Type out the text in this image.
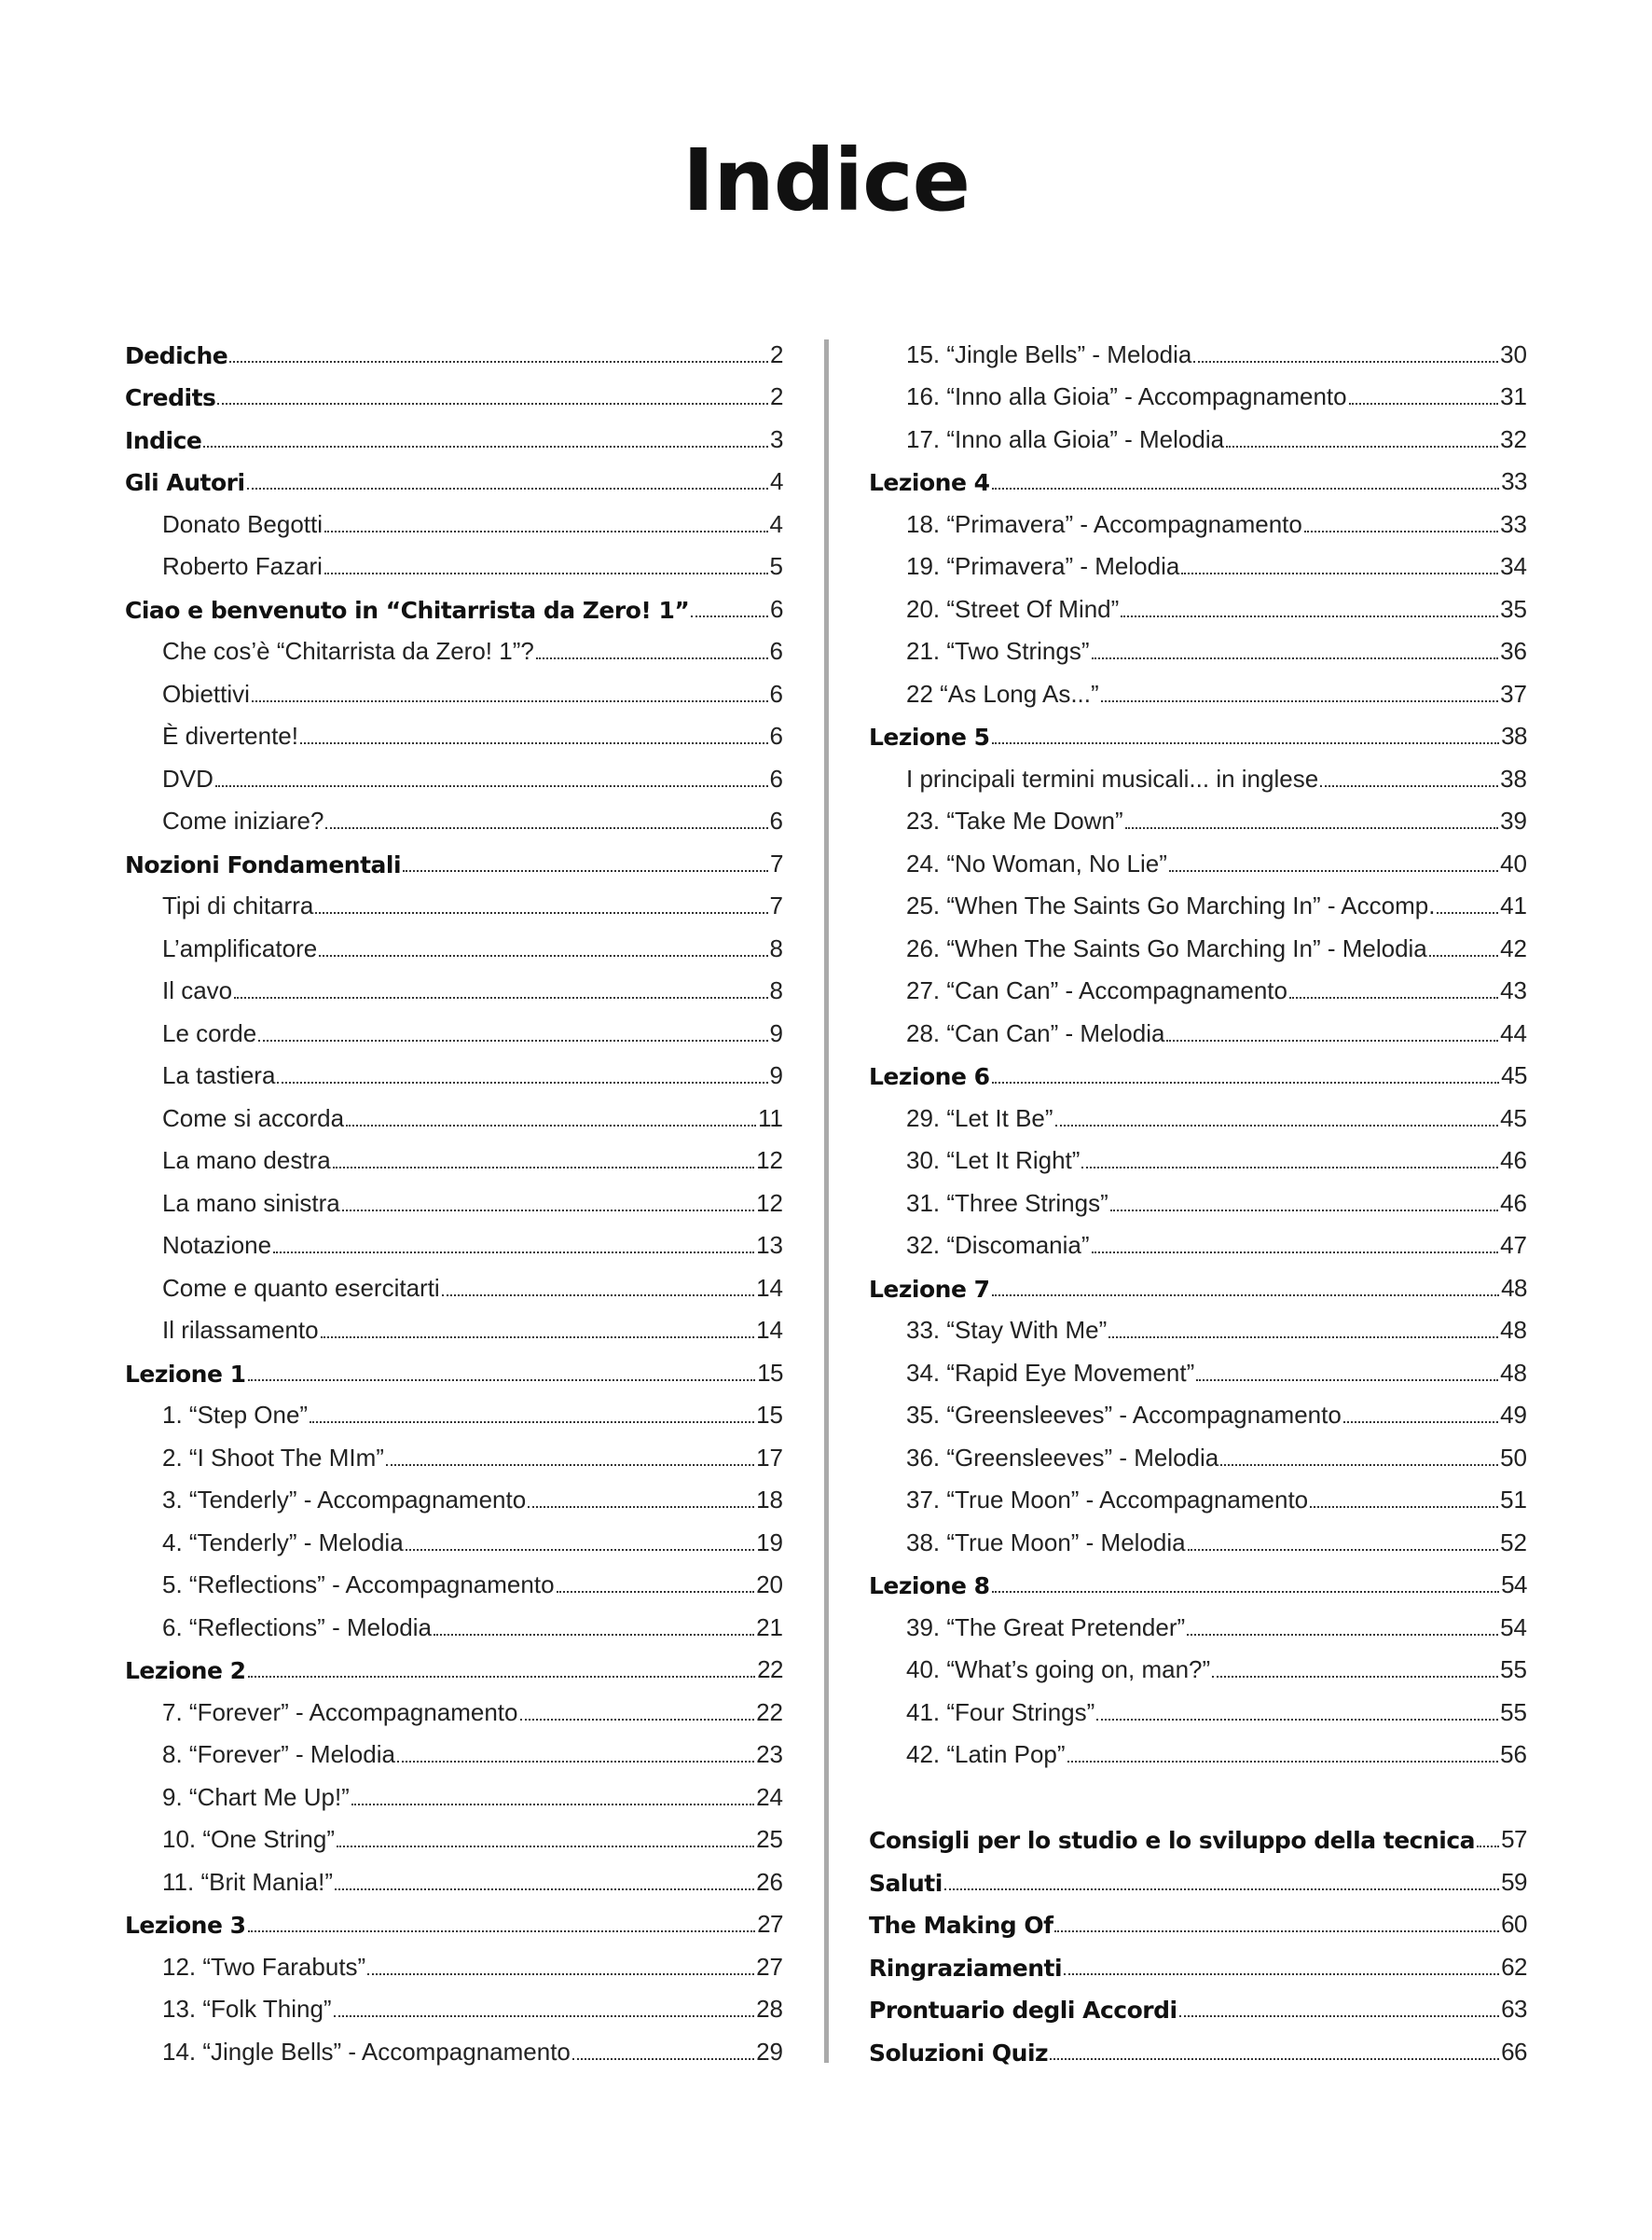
Indice
Dediche	2
Credits	2
Indice	3
Gli Autori	4
Donato Begotti	4
Roberto Fazari	5
Ciao e benvenuto in “Chitarrista da Zero! 1”	6
Che cos’è “Chitarrista da Zero! 1”?	6
Obiettivi	6
È divertente!	6
DVD	6
Come iniziare?	6
Nozioni Fondamentali	7
Tipi di chitarra	7
L’amplificatore	8
Il cavo	8
Le corde	9
La tastiera	9
Come si accorda	11
La mano destra	12
La mano sinistra	12
Notazione	13
Come e quanto esercitarti	14
Il rilassamento	14
Lezione 1	15
1. “Step One”	15
2. “I Shoot The MIm”	17
3. “Tenderly” - Accompagnamento	18
4. “Tenderly” - Melodia	19
5. “Reflections” - Accompagnamento	20
6. “Reflections” - Melodia	21
Lezione 2	22
7. “Forever” - Accompagnamento	22
8. “Forever” - Melodia	23
9. “Chart Me Up!”	24
10. “One String”	25
11. “Brit Mania!”	26
Lezione 3	27
12. “Two Farabuts”	27
13. “Folk Thing”	28
14. “Jingle Bells” - Accompagnamento	29
15. “Jingle Bells” - Melodia	30
16. “Inno alla Gioia” - Accompagnamento	31
17. “Inno alla Gioia” - Melodia	32
Lezione 4	33
18. “Primavera” - Accompagnamento	33
19. “Primavera” - Melodia	34
20. “Street Of Mind”	35
21. “Two Strings”	36
22 “As Long As...”	37
Lezione 5	38
I principali termini musicali... in inglese	38
23. “Take Me Down”	39
24. “No Woman, No Lie”	40
25. “When The Saints Go Marching In” - Accomp.	41
26. “When The Saints Go Marching In” - Melodia	42
27. “Can Can” - Accompagnamento	43
28. “Can Can” - Melodia	44
Lezione 6	45
29. “Let It Be”	45
30. “Let It Right”	46
31. “Three Strings”	46
32. “Discomania”	47
Lezione 7	48
33. “Stay With Me”	48
34. “Rapid Eye Movement”	48
35. “Greensleeves” - Accompagnamento	49
36. “Greensleeves” - Melodia	50
37. “True Moon” - Accompagnamento	51
38. “True Moon” - Melodia	52
Lezione 8	54
39. “The Great Pretender”	54
40. “What’s going on, man?”	55
41. “Four Strings”	55
42. “Latin Pop”	56
Consigli per lo studio e lo sviluppo della tecnica 57
Saluti	59
The Making Of	60
Ringraziamenti	62
Prontuario degli Accordi	63
Soluzioni Quiz	66
